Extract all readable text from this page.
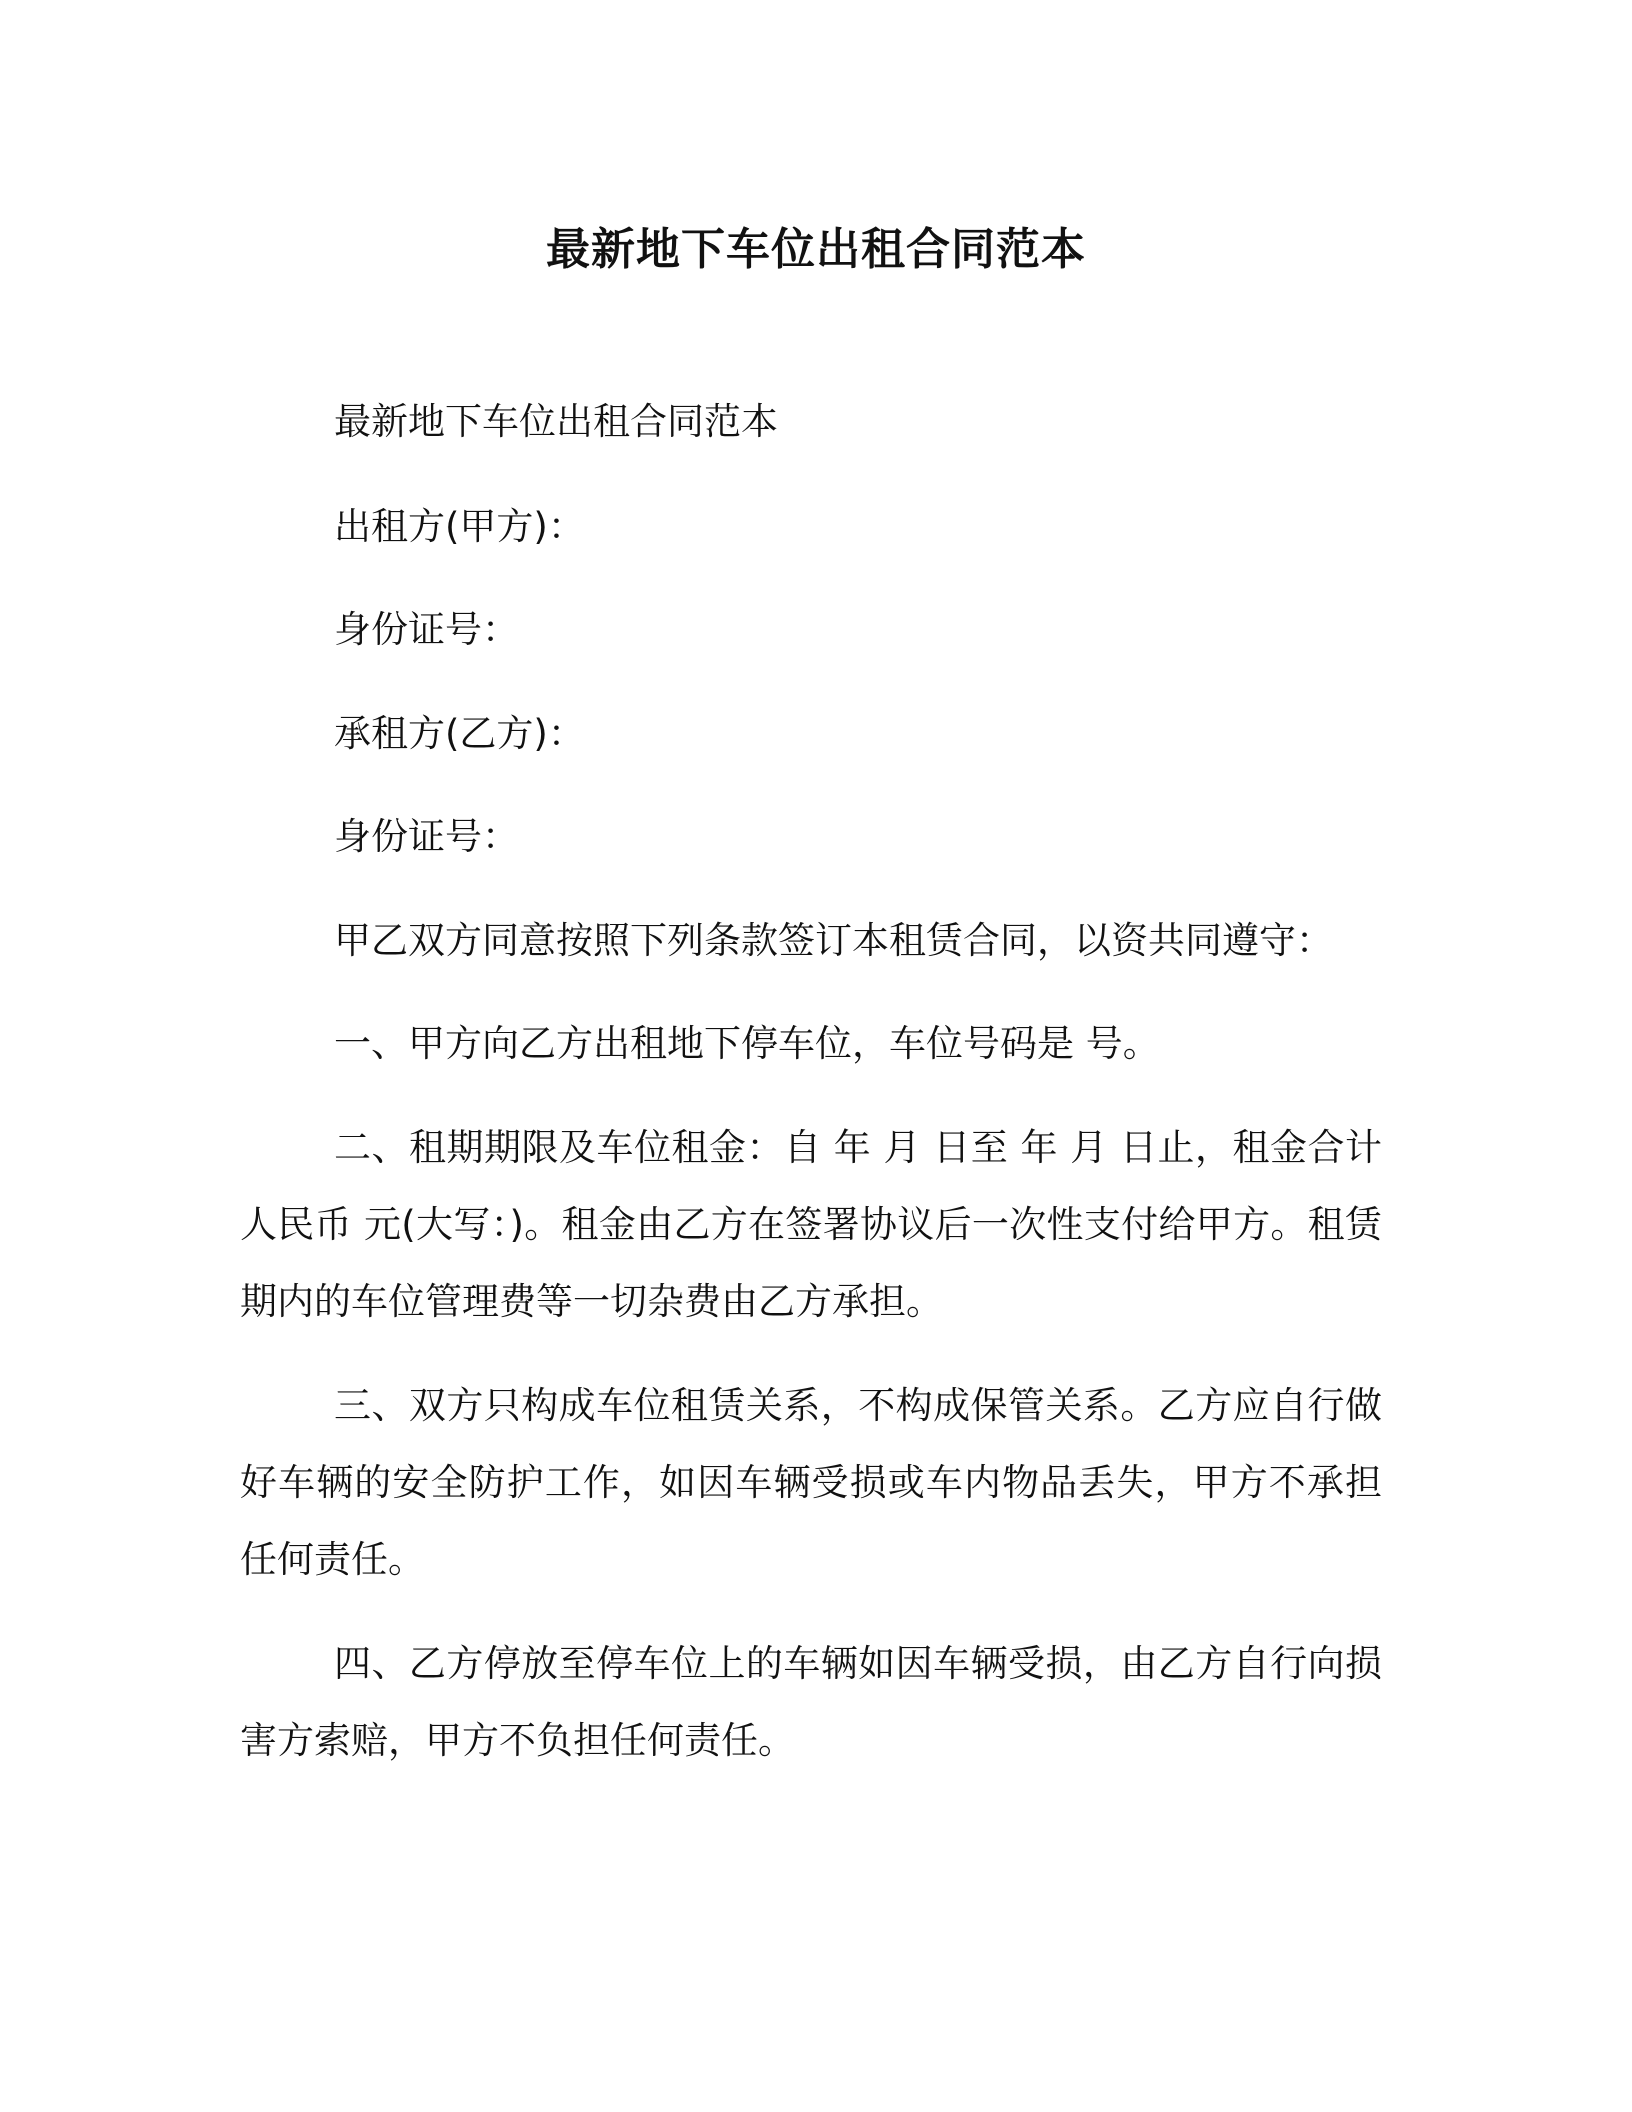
最新地下车位出租合同范本
最新地下车位出租合同范本
出租方(甲方)：
身份证号：
承租方(乙方)：
身份证号：
甲乙双方同意按照下列条款签订本租赁合同，以资共同遵守：
一、甲方向乙方出租地下停车位，车位号码是 号。
二、租期期限及车位租金：自 年 月 日至 年 月 日止，租金合计人民币 元(大写：)。租金由乙方在签署协议后一次性支付给甲方。租赁期内的车位管理费等一切杂费由乙方承担。
三、双方只构成车位租赁关系，不构成保管关系。乙方应自行做好车辆的安全防护工作，如因车辆受损或车内物品丢失，甲方不承担任何责任。
四、乙方停放至停车位上的车辆如因车辆受损，由乙方自行向损害方索赔，甲方不负担任何责任。
